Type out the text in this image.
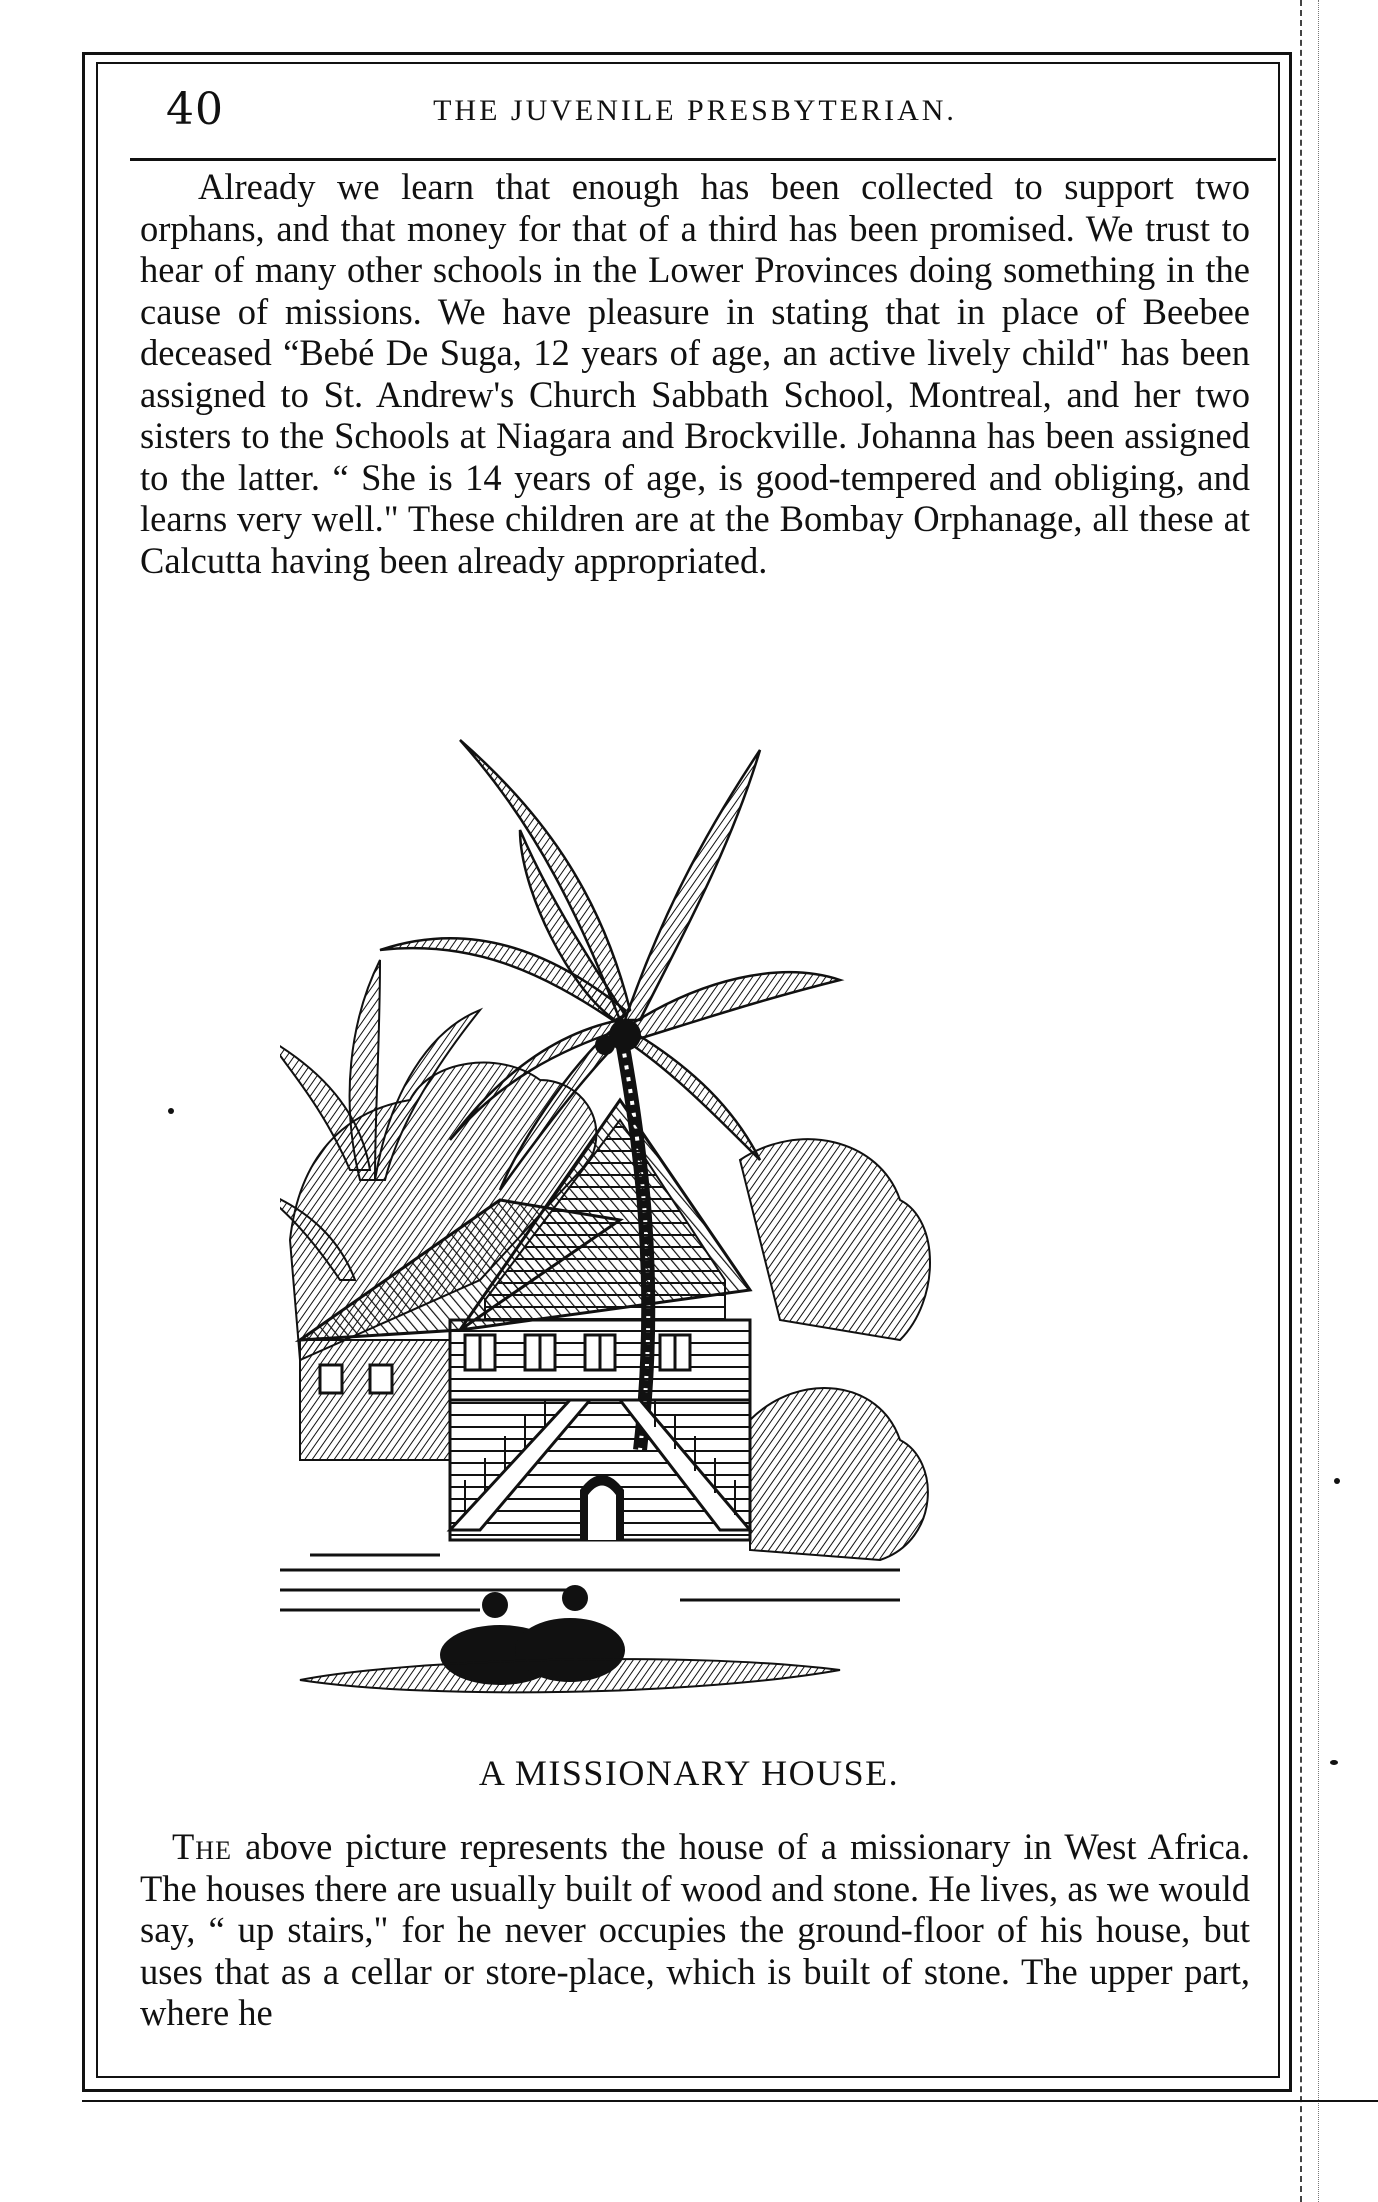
40	THE JUVENILE PRESBYTERIAN.

Already we learn that enough has been collected to support two orphans, and that money for that of a third has been promised. We trust to hear of many other schools in the Lower Provinces doing something in the cause of missions. We have pleasure in stating that in place of Beebee deceased “Bebé De Suga, 12 years of age, an active lively child" has been assigned to St. Andrew's Church Sabbath School, Montreal, and her two sisters to the Schools at Niagara and Brockville. Johanna has been assigned to the latter. “ She is 14 years of age, is good-tempered and obliging, and learns very well." These children are at the Bombay Orphanage, all these at Calcutta having been already appropriated.

A MISSIONARY HOUSE.

The above picture represents the house of a missionary in West Africa. The houses there are usually built of wood and stone. He lives, as we would say, “ up stairs," for he never occupies the ground-floor of his house, but uses that as a cellar or store-place, which is built of stone. The upper part, where he
